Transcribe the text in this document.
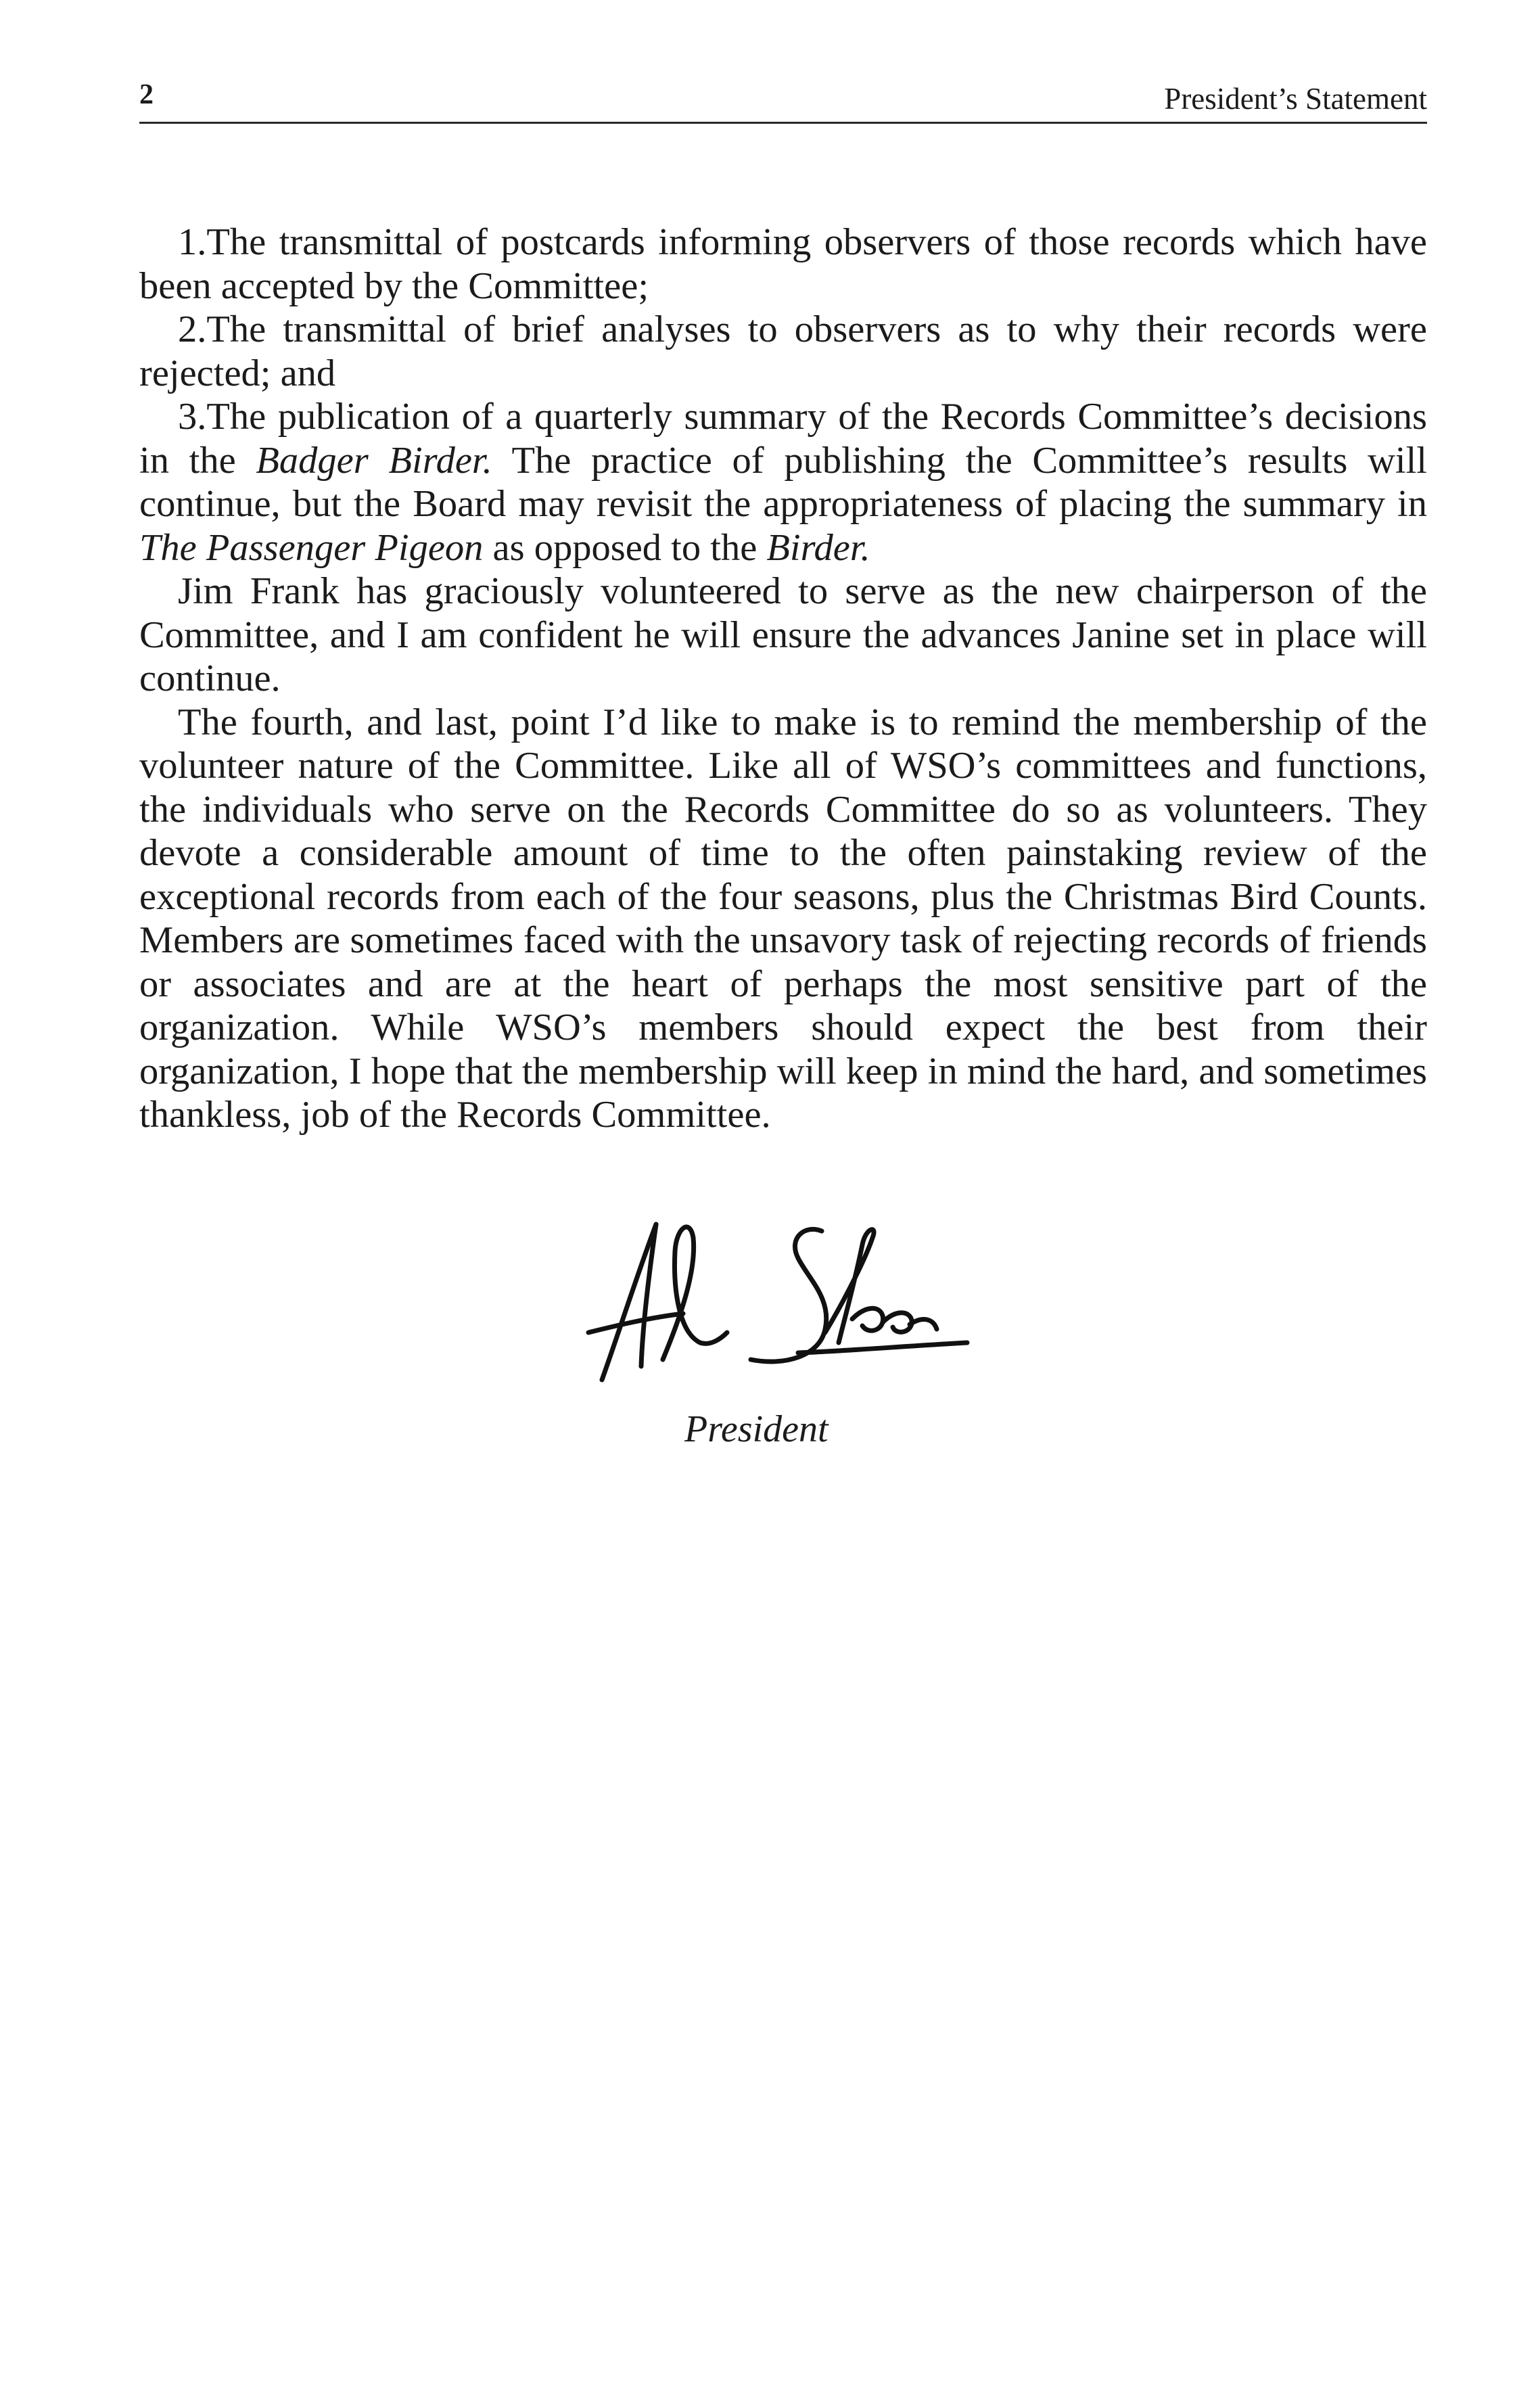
2	President’s Statement

1.The transmittal of postcards informing observers of those records which have been accepted by the Committee;

2.The transmittal of brief analyses to observers as to why their records were rejected; and

3.The publication of a quarterly summary of the Records Committee’s decisions in the Badger Birder. The practice of publishing the Committee’s results will continue, but the Board may revisit the appropriateness of placing the summary in The Passenger Pigeon as opposed to the Birder.

Jim Frank has graciously volunteered to serve as the new chairperson of the Committee, and I am confident he will ensure the advances Janine set in place will continue.

The fourth, and last, point I’d like to make is to remind the membership of the volunteer nature of the Committee. Like all of WSO’s committees and functions, the individuals who serve on the Records Committee do so as volunteers. They devote a considerable amount of time to the often painstaking review of the exceptional records from each of the four seasons, plus the Christmas Bird Counts. Members are sometimes faced with the unsavory task of rejecting records of friends or associates and are at the heart of perhaps the most sensitive part of the organization. While WSO’s members should expect the best from their organization, I hope that the membership will keep in mind the hard, and sometimes thankless, job of the Records Committee.

President
